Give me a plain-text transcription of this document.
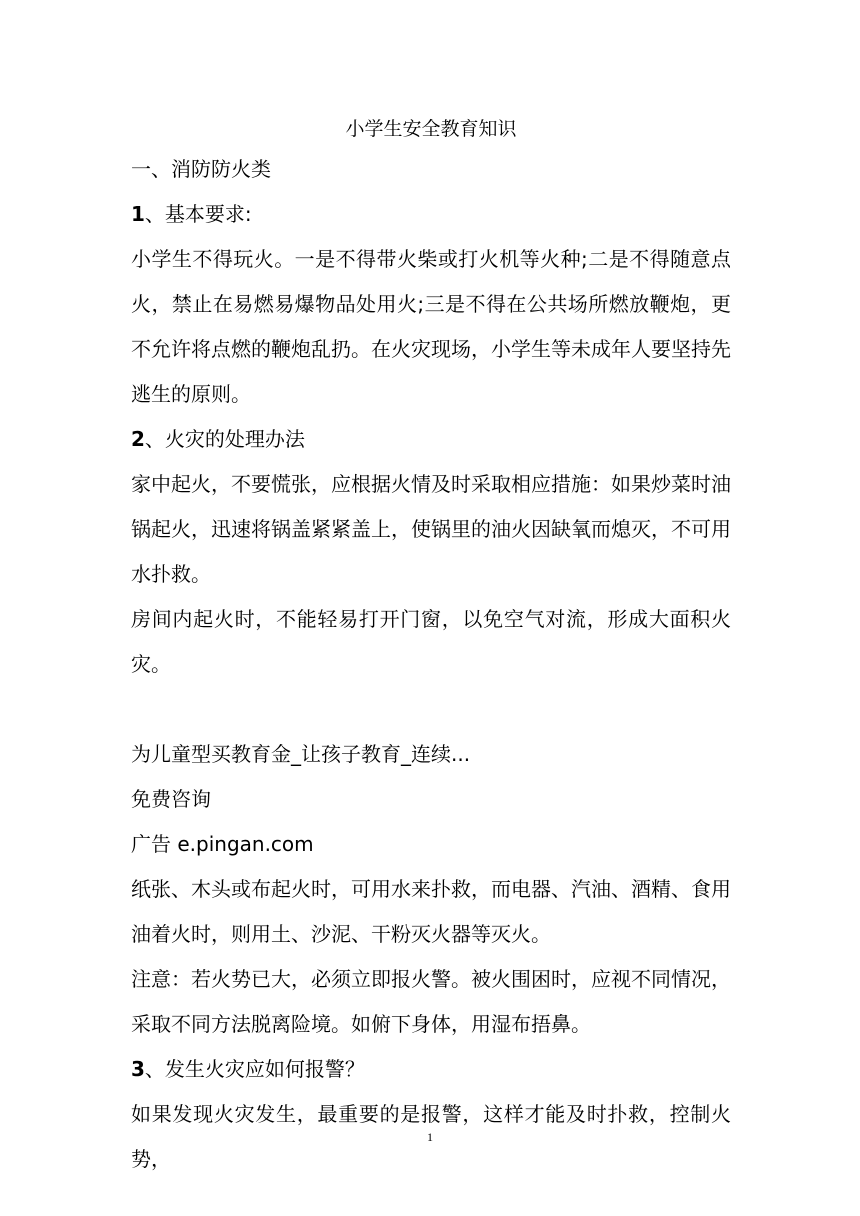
小学生安全教育知识

一、消防防火类

1、基本要求:

小学生不得玩火。一是不得带火柴或打火机等火种;二是不得随意点火，禁止在易燃易爆物品处用火;三是不得在公共场所燃放鞭炮，更不允许将点燃的鞭炮乱扔。在火灾现场，小学生等未成年人要坚持先逃生的原则。

2、火灾的处理办法

家中起火，不要慌张，应根据火情及时采取相应措施：如果炒菜时油锅起火，迅速将锅盖紧紧盖上，使锅里的油火因缺氧而熄灭，不可用水扑救。

房间内起火时，不能轻易打开门窗，以免空气对流，形成大面积火灾。

为儿童型买教育金_让孩子教育_连续...

免费咨询

广告 e.pingan.com

纸张、木头或布起火时，可用水来扑救，而电器、汽油、酒精、食用油着火时，则用土、沙泥、干粉灭火器等灭火。

注意：若火势已大，必须立即报火警。被火围困时，应视不同情况，采取不同方法脱离险境。如俯下身体，用湿布捂鼻。

3、发生火灾应如何报警？

如果发现火灾发生，最重要的是报警，这样才能及时扑救，控制火势，

1
